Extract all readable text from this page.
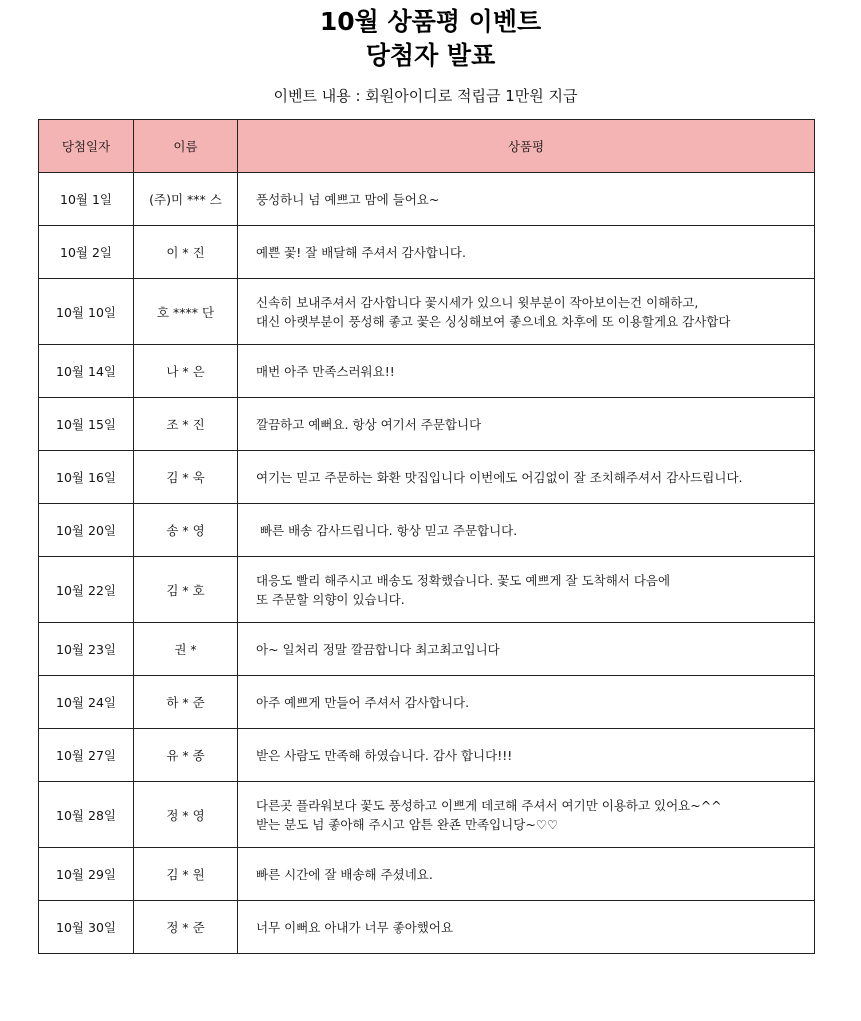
10월 상품평 이벤트
당첨자 발표
이벤트 내용 : 회원아이디로 적립금 1만원 지급
당첨일자	이름	상품평
10월 1일	(주)미 *** 스	풍성하니 넘 예쁘고 맘에 들어요~

10월 2일	이 * 진	예쁜 꽃! 잘 배달해 주셔서 감사합니다.

10월 10일	호 **** 단	신속히 보내주셔서 감사합니다 꽃시세가 있으니 윗부분이 작아보이는건 이해하고,
대신 아랫부분이 풍성해 좋고 꽃은 싱싱해보여 좋으네요 차후에 또 이용할게요 감사합다

10월 14일	나 * 은	매번 아주 만족스러워요!!

10월 15일	조 * 진	깔끔하고 예뻐요. 항상 여기서 주문합니다

10월 16일	김 * 욱	여기는 믿고 주문하는 화환 맛집입니다 이번에도 어김없이 잘 조치해주셔서 감사드립니다.

10월 20일	송 * 영	빠른 배송 감사드립니다. 항상 믿고 주문합니다.

10월 22일	김 * 호	대응도 빨리 해주시고 배송도 정확했습니다. 꽃도 예쁘게 잘 도착해서 다음에
또 주문할 의향이 있습니다.

10월 23일	권 *	아~ 일처리 정말 깔끔합니다 최고최고입니다

10월 24일	하 * 준	아주 예쁘게 만들어 주셔서 감사합니다.

10월 27일	유 * 종	받은 사람도 만족해 하였습니다. 감사 합니다!!!

10월 28일	정 * 영	다른곳 플라워보다 꽃도 풍성하고 이쁘게 데코해 주셔서 여기만 이용하고 있어요~^^
받는 분도 넘 좋아해 주시고 암튼 완죤 만족입니당~♡♡

10월 29일	김 * 원	빠른 시간에 잘 배송해 주셨네요.

10월 30일	정 * 준	너무 이뻐요 아내가 너무 좋아했어요
